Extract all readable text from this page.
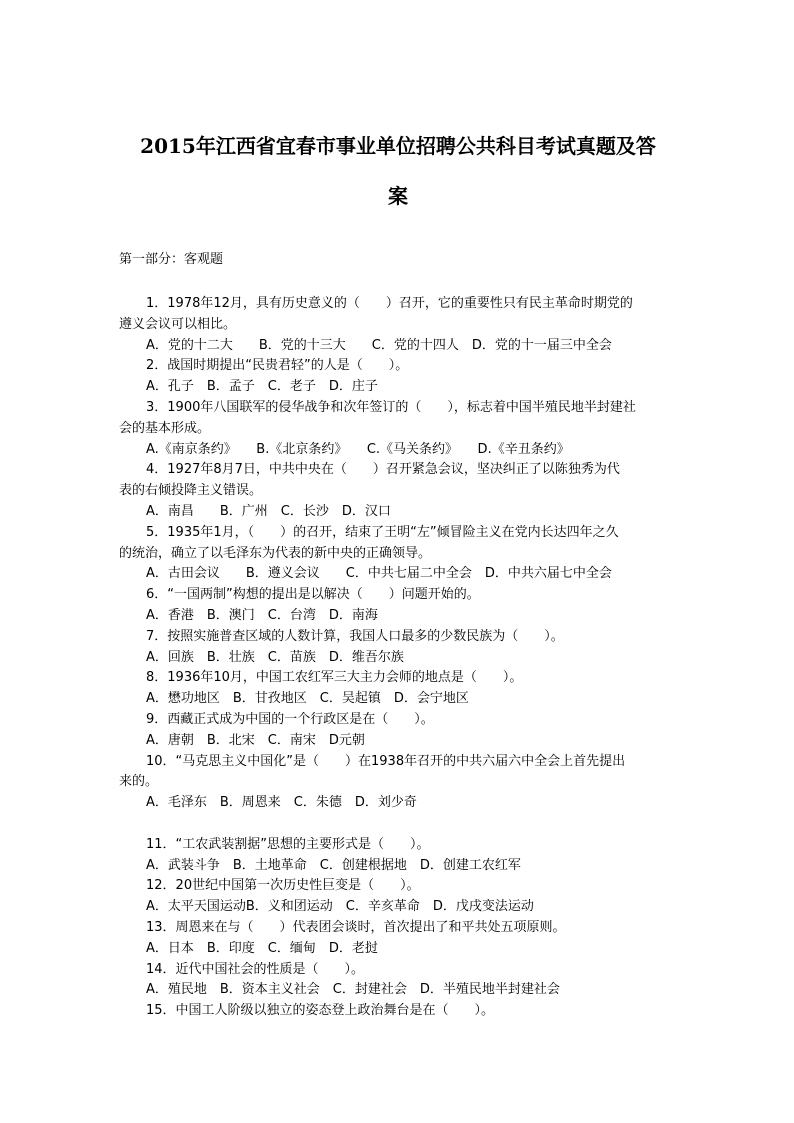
2015年江西省宜春市事业单位招聘公共科目考试真题及答
案
第一部分：客观题
1．1978年12月，具有历史意义的（　　）召开，它的重要性只有民主革命时期党的
遵义会议可以相比。
A．党的十二大　　B．党的十三大　　C．党的十四人　D．党的十一届三中全会
2．战国时期提出“民贵君轻”的人是（　　）。
A．孔子　B．孟子　C．老子　D．庄子
3．1900年八国联军的侵华战争和次年签订的（　　），标志着中国半殖民地半封建社
会的基本形成。
A.《南京条约》　　B.《北京条约》　　C.《马关条约》　　D.《辛丑条约》
4．1927年8月7日，中共中央在（　　）召开紧急会议，坚决纠正了以陈独秀为代
表的右倾投降主义错误。
A．南昌　　B．广州　C．长沙　D．汉口
5．1935年1月，（　　）的召开，结束了王明“左”倾冒险主义在党内长达四年之久
的统治，确立了以毛泽东为代表的新中央的正确领导。
A．古田会议　　B．遵义会议　　C．中共七届二中全会　D．中共六届七中全会
6．“一国两制”构想的提出是以解决（　　）问题开始的。
A．香港　B．澳门　C．台湾　D．南海
7．按照实施普查区域的人数计算，我国人口最多的少数民族为（　　）。
A．回族　B．壮族　C．苗族　D．维吾尔族
8．1936年10月，中国工农红军三大主力会师的地点是（　　）。
A．懋功地区　B．甘孜地区　C．吴起镇　D．会宁地区
9．西藏正式成为中国的一个行政区是在（　　）。
A．唐朝　B．北宋　C．南宋　D元朝
10．“马克思主义中国化”是（　　）在1938年召开的中共六届六中全会上首先提出
来的。
A．毛泽东　B．周恩来　C．朱德　D．刘少奇
11．“工农武装割据”思想的主要形式是（　　）。
A．武装斗争　B．土地革命　C．创建根据地　D．创建工农红军
12．20世纪中国第一次历史性巨变是（　　）。
A．太平天国运动B．义和团运动　C．辛亥革命　D．戊戌变法运动
13．周恩来在与（　　）代表团会谈时，首次提出了和平共处五项原则。
A．日本　B．印度　C．缅甸　D．老挝
14．近代中国社会的性质是（　　）。
A．殖民地　B．资本主义社会　C．封建社会　D．半殖民地半封建社会
15．中国工人阶级以独立的姿态登上政治舞台是在（　　）。
